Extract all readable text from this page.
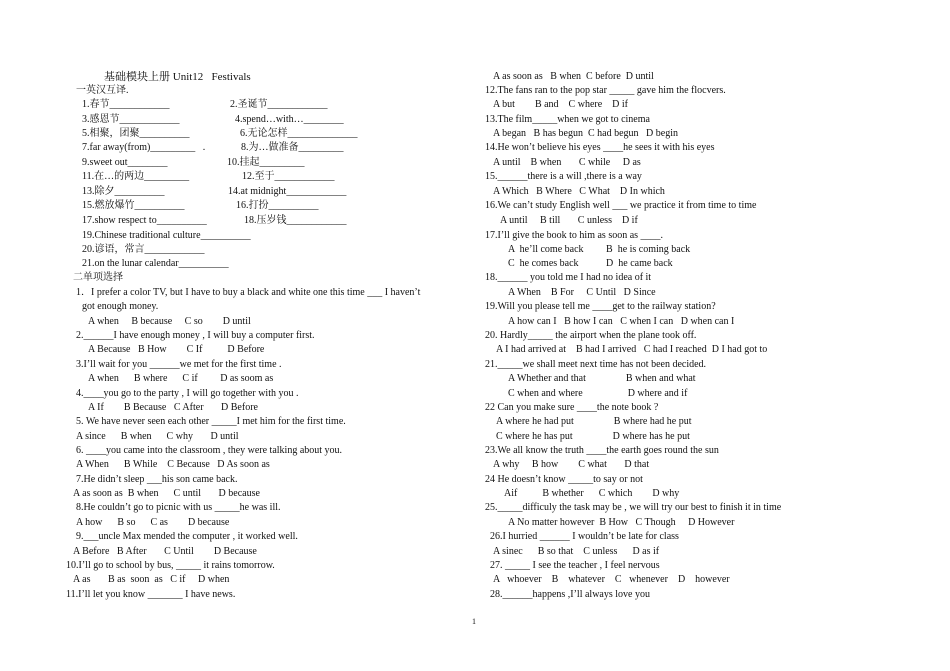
基础模块上册 Unit12   Festivals
一英汉互译.
1.春节____________	2.圣诞节____________
3.感恩节____________	4.spend…with…________
5.相聚，团聚__________	6.无论怎样______________
7.far away(from)_________   .	8.为…做准备_________
9.sweet out________	10.挂起_________
11.在…的两边_________	12.至于____________
13.除夕__________	14.at midnight____________
15.燃放爆竹__________	16.打扮__________
17.show respect to__________	18.压岁钱____________
19.Chinese traditional culture__________
20.谚语，常言____________
21.on the lunar calendar__________
二单项选择
1．I prefer a color TV, but I have to buy a black and white one this time ___ I haven’t
got enough money.
A when     B because     C so        D until
2.______I have enough money , I will buy a computer first.
A Because   B How        C If          D Before
3.I’ll wait for you ______we met for the first time .
A when      B where      C if         D as soom as
4.____you go to the party , I will go together with you .
A If        B Because   C After       D Before
5. We have never seen each other _____I met him for the first time.
A since      B when      C why       D until
6. ____you came into the classroom , they were talking about you.
A When      B While    C Because   D As soon as
7.He didn’t sleep ___his son came back.
A as soon as  B when      C until       D because
8.He couldn’t go to picnic with us _____he was ill.
A how      B so      C as        D because
9.___uncle Max mended the computer , it worked well.
A Before   B After       C Until        D Because
10.I’ll go to school by bus, _____ it rains tomorrow.
A as       B as  soon  as   C if     D when
11.I’ll let you know _______ I have news.
A as soon as   B when  C before  D until
12.The fans ran to the pop star _____ gave him the flocvers.
A but        B and    C where    D if
13.The film_____when we got to cinema
A began   B has begun  C had begun   D begin
14.He won’t believe his eyes ____he sees it with his eyes
A until    B when       C while     D as
15.______there is a will ,there is a way
A Which   B Where   C What    D In which
16.We can’t study English well ___ we practice it from time to time
A until     B till       C unless    D if
17.I’ll give the book to him as soon as ____.
A  he’ll come back         B  he is coming back
C  he comes back           D  he came back
18.______ you told me I had no idea of it
A When    B For     C Until   D Since
19.Will you please tell me ____get to the railway station?
A how can I   B how I can   C when I can   D when can I
20. Hardly_____ the airport when the plane took off.
A I had arrived at    B had I arrived   C had I reached  D I had got to
21._____we shall meet next time has not been decided.
A Whether and that                B when and what
C when and where                  D where and if
22 Can you make sure ____the note book ?
A where he had put                B where had he put
C where he has put                D where has he put
23.We all know the truth ____the earth goes round the sun
A why     B how        C what       D that
24 He doesn’t know _____to say or not
Aif          B whether      C which        D why
25._____difficuly the task may be , we will try our best to finish it in time
A No matter however  B How   C Though     D However
26.I hurried ______ I wouldn’t be late for class
A sinec      B so that    C unless      D as if
27. _____ I see the teacher , I feel nervous
A   whoever    B    whatever    C   whenever    D    however
28.______happens ,I’ll always love you
1
